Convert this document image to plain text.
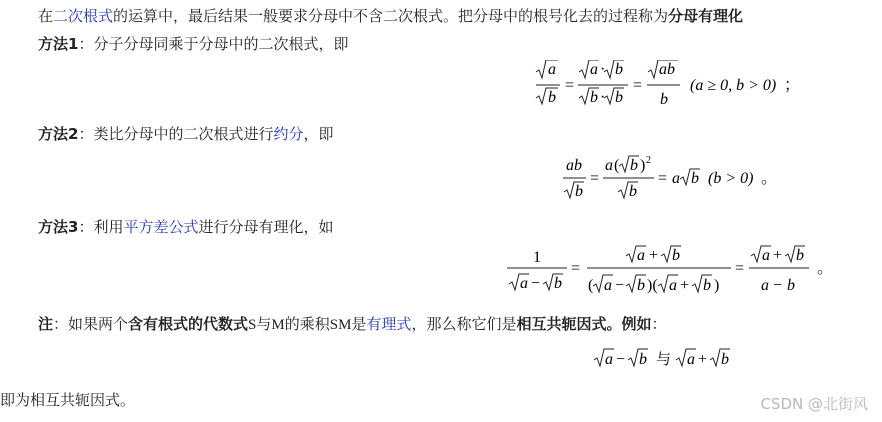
在二次根式的运算中，最后结果一般要求分母中不含二次根式。把分母中的根号化去的过程称为分母有理化
方法1：分子分母同乘于分母中的二次根式，即
a
b
=
a · b
b · b
=
ab
b
(a ≥ 0, b > 0) ；
方法2：类比分母中的二次根式进行约分，即
ab
b
=
a ( b ) 2
b
= a b (b > 0) 。
方法3：利用平方差公式进行分母有理化，如
1
a − b
=
a + b
( a − b )( a + b )
=
a + b
a − b
。
注：如果两个含有根式的代数式S与M的乘积SM是有理式，那么称它们是相互共轭因式。例如：
a − b 与 a + b
即为相互共轭因式。	CSDN @北街风
